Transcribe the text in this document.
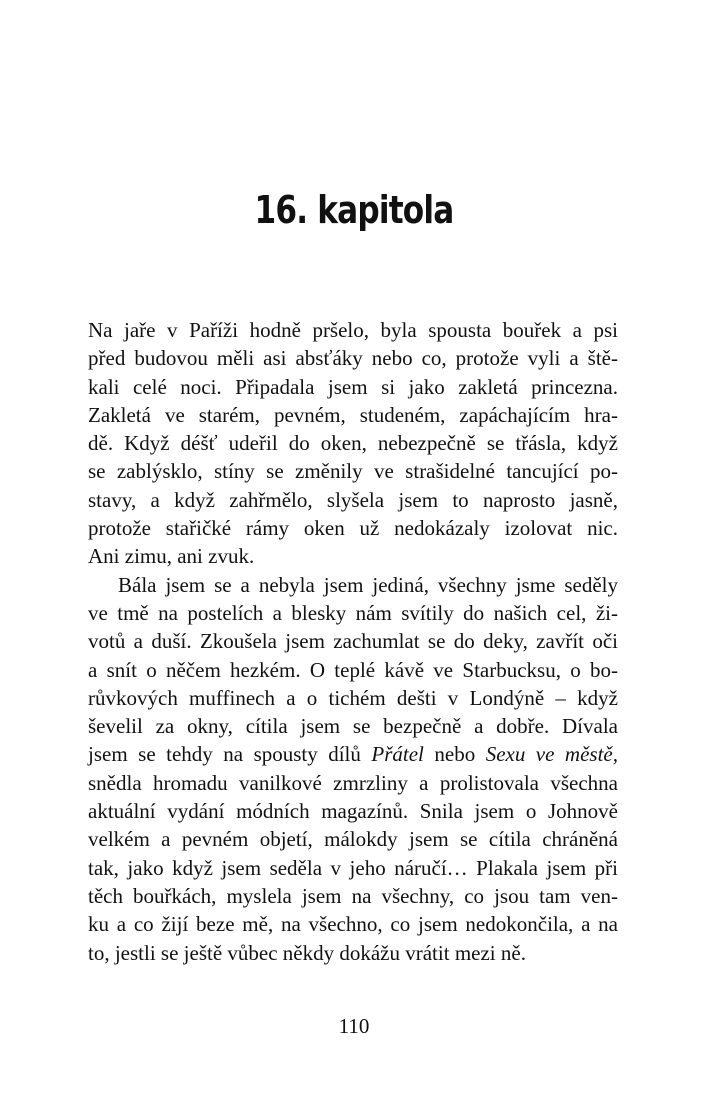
16. kapitola

Na jaře v Paříži hodně pršelo, byla spousta bouřek a psi
před budovou měli asi absťáky nebo co, protože vyli a ště-
kali celé noci. Připadala jsem si jako zakletá princezna.
Zakletá ve starém, pevném, studeném, zapáchajícím hra-
dě. Když déšť udeřil do oken, nebezpečně se třásla, když
se zablýsklo, stíny se změnily ve strašidelné tancující po-
stavy, a když zahřmělo, slyšela jsem to naprosto jasně,
protože stařičké rámy oken už nedokázaly izolovat nic.
Ani zimu, ani zvuk.

Bála jsem se a nebyla jsem jediná, všechny jsme seděly
ve tmě na postelích a blesky nám svítily do našich cel, ži-
votů a duší. Zkoušela jsem zachumlat se do deky, zavřít oči
a snít o něčem hezkém. O teplé kávě ve Starbucksu, o bo-
růvkových muffinech a o tichém dešti v Londýně – když
ševelil za okny, cítila jsem se bezpečně a dobře. Dívala
jsem se tehdy na spousty dílů Přátel nebo Sexu ve městě,
snědla hromadu vanilkové zmrzliny a prolistovala všechna
aktuální vydání módních magazínů. Snila jsem o Johnově
velkém a pevném objetí, málokdy jsem se cítila chráněná
tak, jako když jsem seděla v jeho náručí… Plakala jsem při
těch bouřkách, myslela jsem na všechny, co jsou tam ven-
ku a co žijí beze mě, na všechno, co jsem nedokončila, a na
to, jestli se ještě vůbec někdy dokážu vrátit mezi ně.

110
